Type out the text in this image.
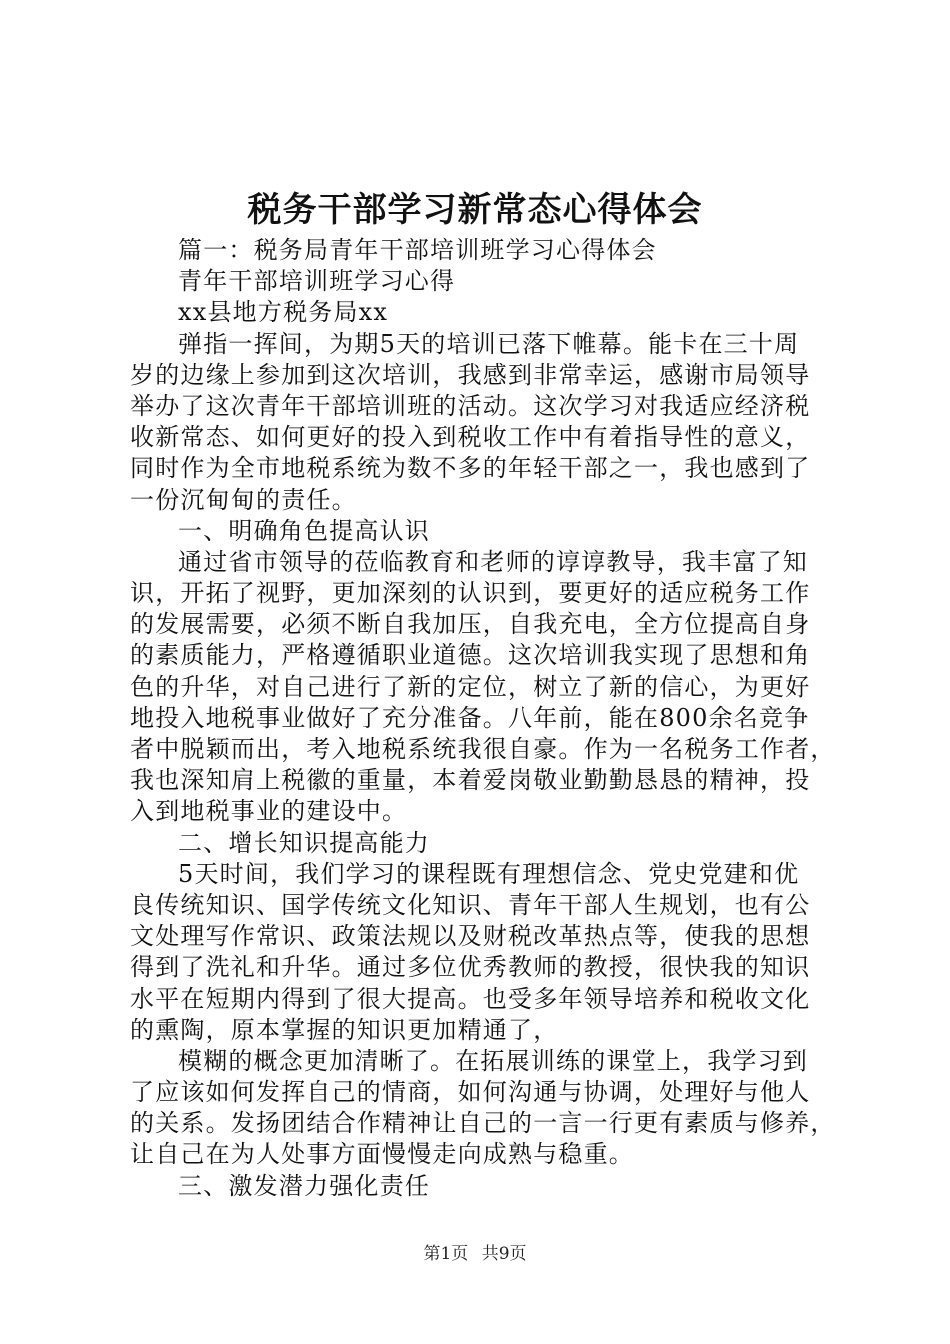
税务干部学习新常态心得体会
篇一：税务局青年干部培训班学习心得体会
青年干部培训班学习心得
xx县地方税务局xx
弹指一挥间，为期5天的培训已落下帷幕。能卡在三十周
岁的边缘上参加到这次培训，我感到非常幸运，感谢市局领导
举办了这次青年干部培训班的活动。这次学习对我适应经济税
收新常态、如何更好的投入到税收工作中有着指导性的意义，
同时作为全市地税系统为数不多的年轻干部之一，我也感到了
一份沉甸甸的责任。
一、明确角色提高认识
通过省市领导的莅临教育和老师的谆谆教导，我丰富了知
识，开拓了视野，更加深刻的认识到，要更好的适应税务工作
的发展需要，必须不断自我加压，自我充电，全方位提高自身
的素质能力，严格遵循职业道德。这次培训我实现了思想和角
色的升华，对自己进行了新的定位，树立了新的信心，为更好
地投入地税事业做好了充分准备。八年前，能在800余名竞争
者中脱颖而出，考入地税系统我很自豪。作为一名税务工作者，
我也深知肩上税徽的重量，本着爱岗敬业勤勤恳恳的精神，投
入到地税事业的建设中。
二、增长知识提高能力
5天时间，我们学习的课程既有理想信念、党史党建和优
良传统知识、国学传统文化知识、青年干部人生规划，也有公
文处理写作常识、政策法规以及财税改革热点等，使我的思想
得到了洗礼和升华。通过多位优秀教师的教授，很快我的知识
水平在短期内得到了很大提高。也受多年领导培养和税收文化
的熏陶，原本掌握的知识更加精通了，
模糊的概念更加清晰了。在拓展训练的课堂上，我学习到
了应该如何发挥自己的情商，如何沟通与协调，处理好与他人
的关系。发扬团结合作精神让自己的一言一行更有素质与修养，
让自己在为人处事方面慢慢走向成熟与稳重。
三、激发潜力强化责任
第1页 共9页
